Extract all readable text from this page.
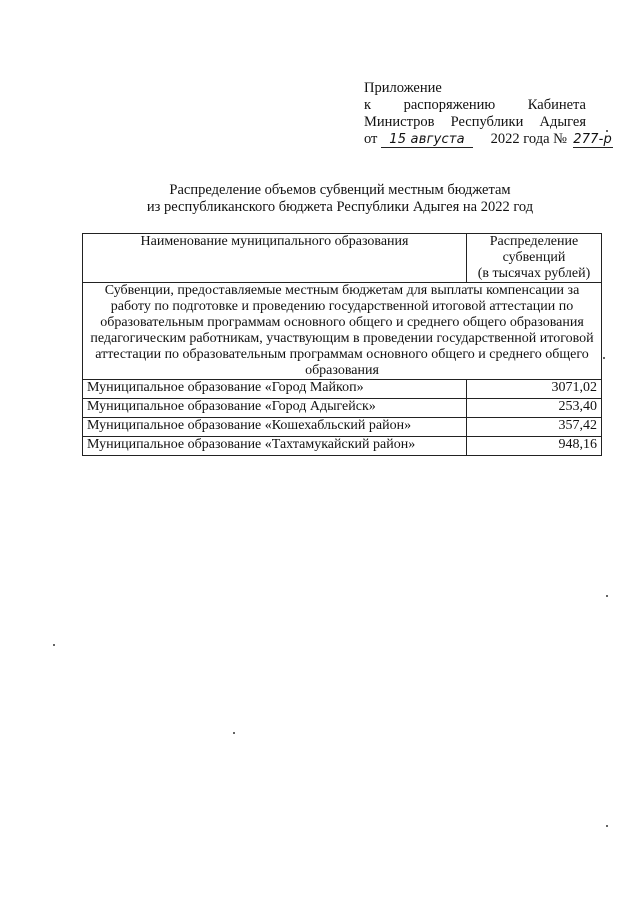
Приложение
к распоряжению Кабинета
Министров Республики Адыгея
от 15 августа 2022 года № 277-р
Распределение объемов субвенций местным бюджетам
из республиканского бюджета Республики Адыгея на 2022 год
Наименование муниципального образования	Распределение
субвенций
(в тысячах рублей)

Субвенции, предоставляемые местным бюджетам для выплаты компенсации за работу по подготовке и проведению государственной итоговой аттестации по образовательным программам основного общего и среднего общего образования педагогическим работникам, участвующим в проведении государственной итоговой аттестации по образовательным программам основного общего и среднего общего образования	
Муниципальное образование «Город Майкоп»	3071,02
Муниципальное образование «Город Адыгейск»	253,40
Муниципальное образование «Кошехабльский район»	357,42
Муниципальное образование «Тахтамукайский район»	948,16
